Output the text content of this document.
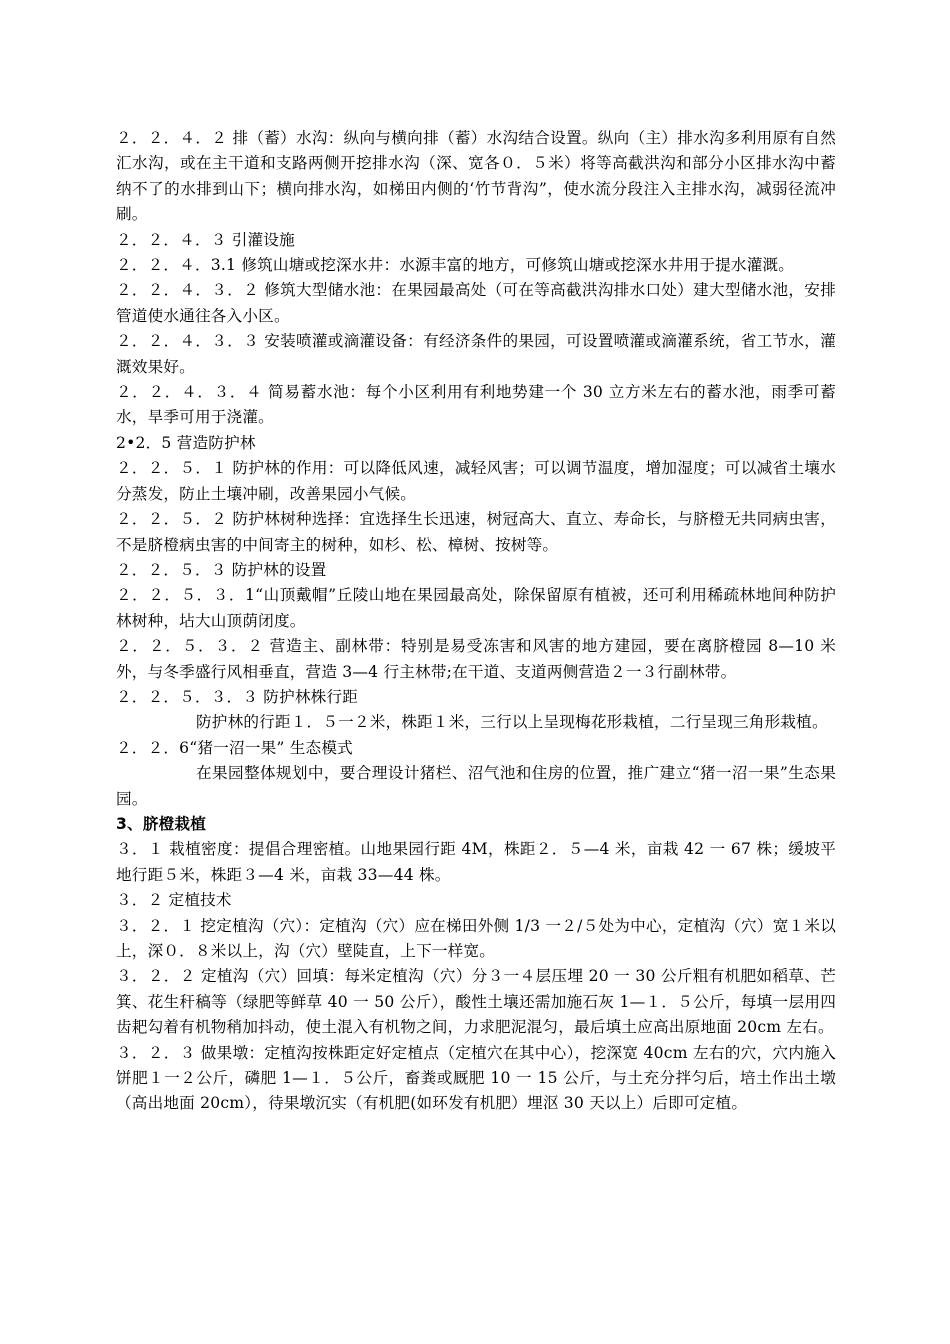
２．２．４．２ 排（蓄）水沟：纵向与横向排（蓄）水沟结合设置。纵向（主）排水沟多利用原有自然汇水沟，或在主干道和支路两侧开挖排水沟（深、宽各０．５米）将等高截洪沟和部分小区排水沟中蓄纳不了的水排到山下；横向排水沟，如梯田内侧的‘竹节背沟”，使水流分段注入主排水沟，减弱径流冲刷。

２．２．４．３ 引灌设施

２．２．４．3.1 修筑山塘或挖深水井：水源丰富的地方，可修筑山塘或挖深水井用于提水灌溉。

２．２．４．３．２ 修筑大型储水池：在果园最高处（可在等高截洪沟排水口处）建大型储水池，安排管道使水通往各入小区。

２．２．４．３．３ 安装喷灌或滴灌设备：有经济条件的果园，可设置喷灌或滴灌系统，省工节水，灌溉效果好。

２．２．４．３．４ 简易蓄水池：每个小区利用有利地势建一个 30 立方米左右的蓄水池，雨季可蓄水，旱季可用于浇灌。

2•2．5 营造防护林

２．２．５．１ 防护林的作用：可以降低风速，减轻风害；可以调节温度，增加湿度；可以减省土壤水分蒸发，防止土壤冲刷，改善果园小气候。

２．２．５．２ 防护林树种选择：宜选择生长迅速，树冠高大、直立、寿命长，与脐橙无共同病虫害，不是脐橙病虫害的中间寄主的树种，如杉、松、樟树、按树等。

２．２．５．３ 防护林的设置

２．２．５．３．1“山顶戴帽”丘陵山地在果园最高处，除保留原有植被，还可利用稀疏林地间种防护林树种，坫大山顶荫闭度。

２．２．５．３．２ 营造主、副林带：特别是易受冻害和风害的地方建园，要在离脐橙园 8—10 米外，与冬季盛行风相垂直，营造 3—4 行主林带;在干道、支道两侧营造２一３行副林带。

２．２．５．３．３ 防护林株行距

防护林的行距１．５一２米，株距１米，三行以上呈现梅花形栽植，二行呈现三角形栽植。

２．２．6“猪一沼一果” 生态模式

在果园整体规划中，要合理设计猪栏、沼气池和住房的位置，推广建立“猪一沼一果”生态果园。

3、脐橙栽植

３．１ 栽植密度：提倡合理密植。山地果园行距 4M，株距２．５—4 米，亩栽 42 一 67 株；缓坡平地行距５米，株距３—4 米，亩栽 33—44 株。

３．２ 定植技术

３．２．１ 挖定植沟（穴）：定植沟（穴）应在梯田外侧 1/3 一２/５处为中心，定植沟（穴）宽１米以上，深０．８米以上，沟（穴）壁陡直，上下一样宽。

３．２．２ 定植沟（穴）回填：每米定植沟（穴）分３一４层压埋 20 一 30 公斤粗有机肥如稻草、芒箕、花生秆稿等（绿肥等鲜草 40 一 50 公斤），酸性土壤还需加施石灰 1—１．５公斤，每填一层用四齿耙勾着有机物稍加抖动，使土混入有机物之间，力求肥泥混匀，最后填土应高出原地面 20cm 左右。

３．２．３ 做果墩：定植沟按株距定好定植点（定植穴在其中心），挖深宽 40cm 左右的穴，穴内施入饼肥１一２公斤，磷肥 1—１．５公斤，畜粪或厩肥 10 一 15 公斤，与土充分拌匀后，培土作出土墩（高出地面 20cm），待果墩沉实（有机肥(如环发有机肥）埋沤 30 天以上）后即可定植。
